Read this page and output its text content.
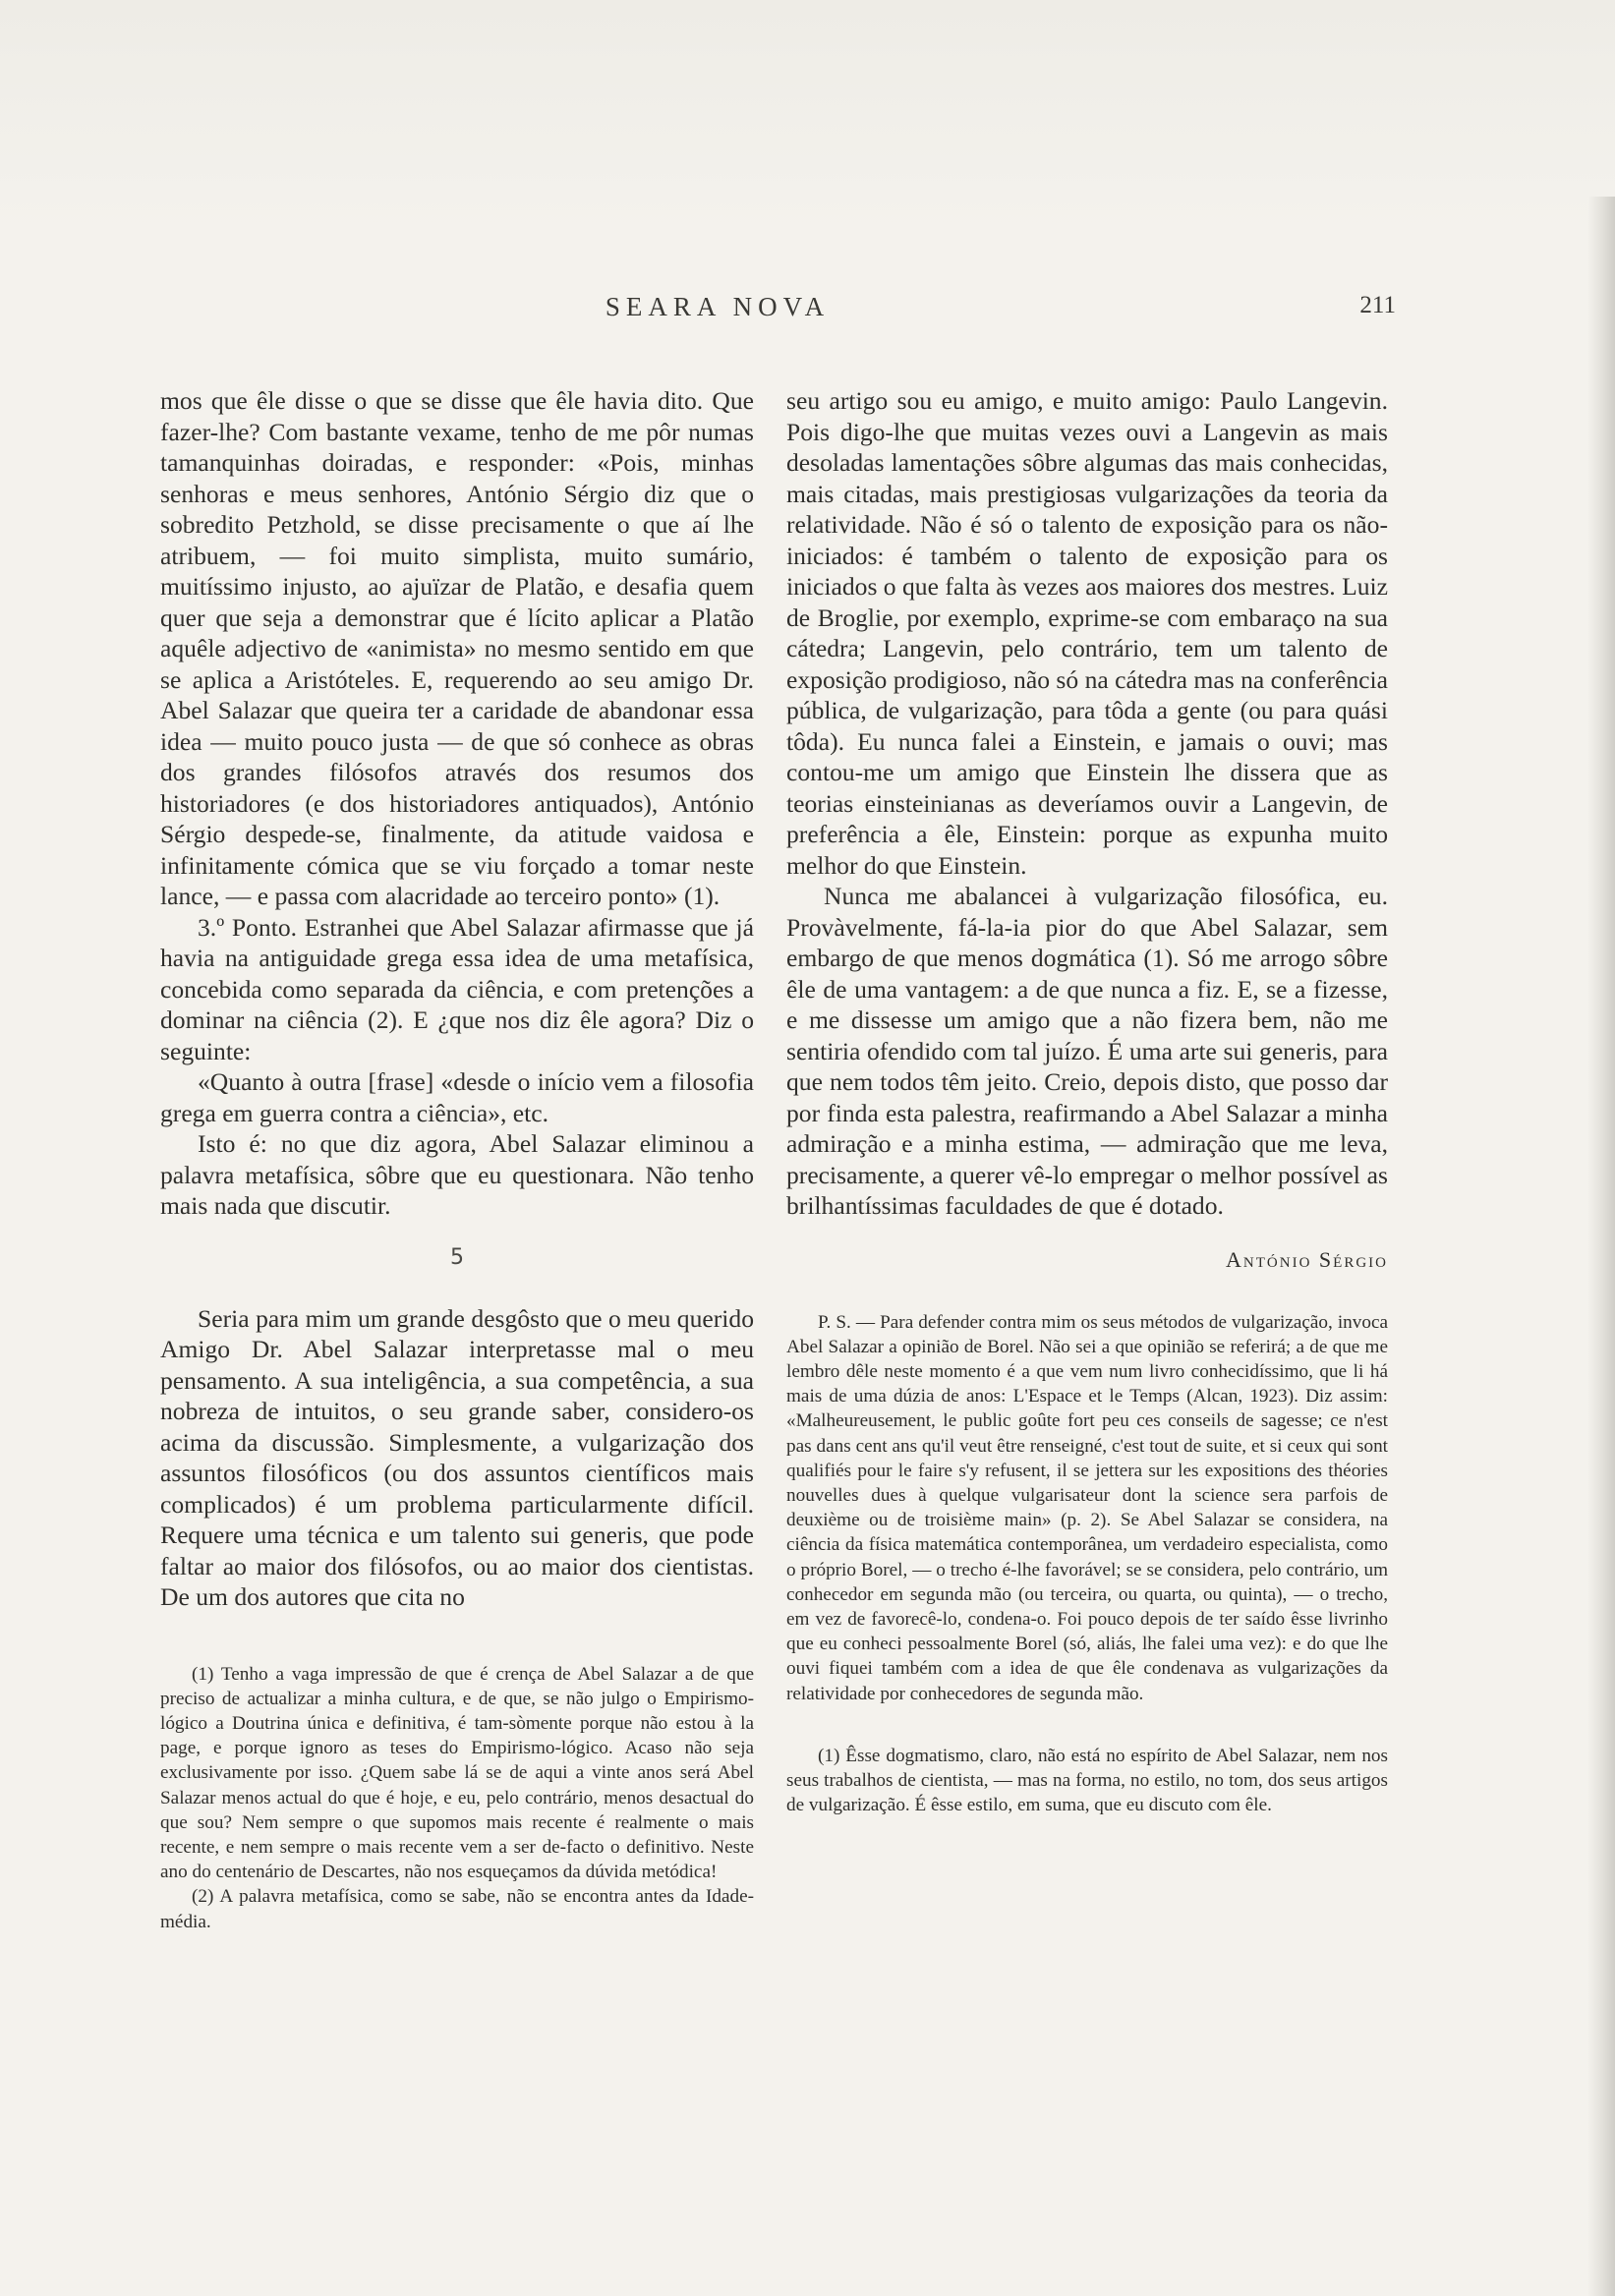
SEARA NOVA	211

mos que êle disse o que se disse que êle havia dito. Que fazer-lhe? Com bastante vexame, tenho de me pôr numas tamanquinhas doiradas, e responder: «Pois, minhas senhoras e meus senhores, António Sérgio diz que o sobredito Petzhold, se disse precisamente o que aí lhe atribuem, — foi muito simplista, muito sumário, muitíssimo injusto, ao ajuïzar de Platão, e desafia quem quer que seja a demonstrar que é lícito aplicar a Platão aquêle adjectivo de «animista» no mesmo sentido em que se aplica a Aristóteles. E, requerendo ao seu amigo Dr. Abel Salazar que queira ter a caridade de abandonar essa idea — muito pouco justa — de que só conhece as obras dos grandes filósofos através dos resumos dos historiadores (e dos historiadores antiquados), António Sérgio despede-se, finalmente, da atitude vaidosa e infinitamente cómica que se viu forçado a tomar neste lance, — e passa com alacridade ao terceiro ponto» (1).

3.º Ponto. Estranhei que Abel Salazar afirmasse que já havia na antiguidade grega essa idea de uma metafísica, concebida como separada da ciência, e com pretenções a dominar na ciência (2). E ¿que nos diz êle agora? Diz o seguinte:

«Quanto à outra [frase] «desde o início vem a filosofia grega em guerra contra a ciência», etc.

Isto é: no que diz agora, Abel Salazar eliminou a palavra metafísica, sôbre que eu questionara. Não tenho mais nada que discutir.

5

Seria para mim um grande desgôsto que o meu querido Amigo Dr. Abel Salazar interpretasse mal o meu pensamento. A sua inteligência, a sua competência, a sua nobreza de intuitos, o seu grande saber, considero-os acima da discussão. Simplesmente, a vulgarização dos assuntos filosóficos (ou dos assuntos científicos mais complicados) é um problema particularmente difícil. Requere uma técnica e um talento sui generis, que pode faltar ao maior dos filósofos, ou ao maior dos cientistas. De um dos autores que cita no

(1) Tenho a vaga impressão de que é crença de Abel Salazar a de que preciso de actualizar a minha cultura, e de que, se não julgo o Empirismo-lógico a Doutrina única e definitiva, é tam-sòmente porque não estou à la page, e porque ignoro as teses do Empirismo-lógico. Acaso não seja exclusivamente por isso. ¿Quem sabe lá se de aqui a vinte anos será Abel Salazar menos actual do que é hoje, e eu, pelo contrário, menos desactual do que sou? Nem sempre o que supomos mais recente é realmente o mais recente, e nem sempre o mais recente vem a ser de-facto o definitivo. Neste ano do centenário de Descartes, não nos esqueçamos da dúvida metódica!

(2) A palavra metafísica, como se sabe, não se encontra antes da Idade-média.

seu artigo sou eu amigo, e muito amigo: Paulo Langevin. Pois digo-lhe que muitas vezes ouvi a Langevin as mais desoladas lamentações sôbre algumas das mais conhecidas, mais citadas, mais prestigiosas vulgarizações da teoria da relatividade. Não é só o talento de exposição para os não-iniciados: é também o talento de exposição para os iniciados o que falta às vezes aos maiores dos mestres. Luiz de Broglie, por exemplo, exprime-se com embaraço na sua cátedra; Langevin, pelo contrário, tem um talento de exposição prodigioso, não só na cátedra mas na conferência pública, de vulgarização, para tôda a gente (ou para quási tôda). Eu nunca falei a Einstein, e jamais o ouvi; mas contou-me um amigo que Einstein lhe dissera que as teorias einsteinianas as deveríamos ouvir a Langevin, de preferência a êle, Einstein: porque as expunha muito melhor do que Einstein.

Nunca me abalancei à vulgarização filosófica, eu. Provàvelmente, fá-la-ia pior do que Abel Salazar, sem embargo de que menos dogmática (1). Só me arrogo sôbre êle de uma vantagem: a de que nunca a fiz. E, se a fizesse, e me dissesse um amigo que a não fizera bem, não me sentiria ofendido com tal juízo. É uma arte sui generis, para que nem todos têm jeito. Creio, depois disto, que posso dar por finda esta palestra, reafirmando a Abel Salazar a minha admiração e a minha estima, — admiração que me leva, precisamente, a querer vê-lo empregar o melhor possível as brilhantíssimas faculdades de que é dotado.

António Sérgio

P. S. — Para defender contra mim os seus métodos de vulgarização, invoca Abel Salazar a opinião de Borel. Não sei a que opinião se referirá; a de que me lembro dêle neste momento é a que vem num livro conhecidíssimo, que li há mais de uma dúzia de anos: L'Espace et le Temps (Alcan, 1923). Diz assim: «Malheureusement, le public goûte fort peu ces conseils de sagesse; ce n'est pas dans cent ans qu'il veut être renseigné, c'est tout de suite, et si ceux qui sont qualifiés pour le faire s'y refusent, il se jettera sur les expositions des théories nouvelles dues à quelque vulgarisateur dont la science sera parfois de deuxième ou de troisième main» (p. 2). Se Abel Salazar se considera, na ciência da física matemática contemporânea, um verdadeiro especialista, como o próprio Borel, — o trecho é-lhe favorável; se se considera, pelo contrário, um conhecedor em segunda mão (ou terceira, ou quarta, ou quinta), — o trecho, em vez de favorecê-lo, condena-o. Foi pouco depois de ter saído êsse livrinho que eu conheci pessoalmente Borel (só, aliás, lhe falei uma vez): e do que lhe ouvi fiquei também com a idea de que êle condenava as vulgarizações da relatividade por conhecedores de segunda mão.

(1) Êsse dogmatismo, claro, não está no espírito de Abel Salazar, nem nos seus trabalhos de cientista, — mas na forma, no estilo, no tom, dos seus artigos de vulgarização. É êsse estilo, em suma, que eu discuto com êle.
